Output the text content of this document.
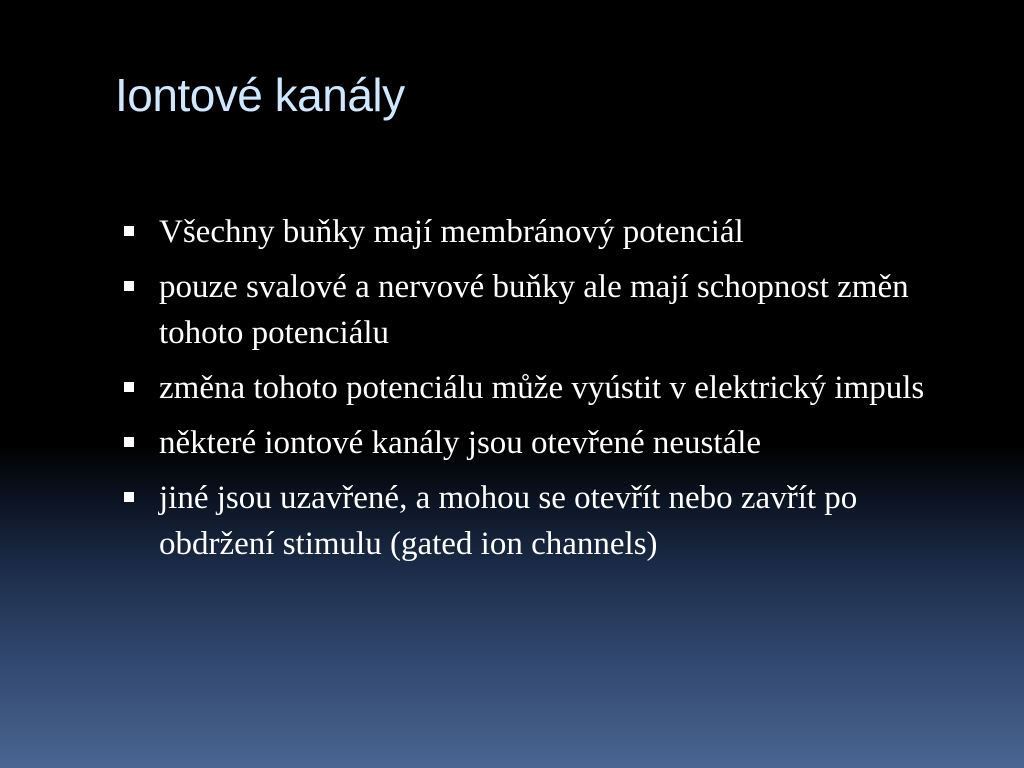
Iontové kanály
Všechny buňky mají membránový potenciál
pouze svalové a nervové buňky ale mají schopnost změn tohoto potenciálu
změna tohoto potenciálu může vyústit v elektrický impuls
některé iontové kanály jsou otevřené neustále
jiné jsou uzavřené, a mohou se otevřít nebo zavřít po obdržení stimulu (gated ion channels)
